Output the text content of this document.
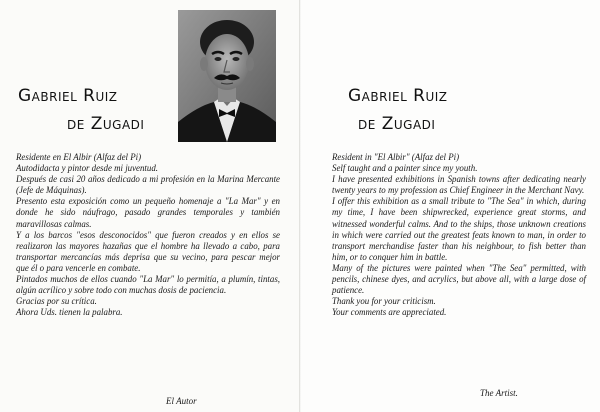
Gabriel Ruiz
de Zugadi
Residente en El Albir (Alfaz del Pi)
Autodidacta y pintor desde mi juventud.
Después de casi 20 años dedicado a mi profesión en la Marina Mercante (Jefe de Máquinas).
Presento esta exposición como un pequeño homenaje a "La Mar" y en donde he sido náufrago, pasado grandes temporales y también maravillosas calmas.
Y a los barcos "esos desconocidos" que fueron creados y en ellos se realizaron las mayores hazañas que el hombre ha llevado a cabo, para transportar mercancías más deprisa que su vecino, para pescar mejor que él o para vencerle en combate.
Pintados muchos de ellos cuando "La Mar" lo permitía, a plumín, tintas, algún acrílico y sobre todo con muchas dosis de paciencia.
Gracias por su crítica.
Ahora Uds. tienen la palabra.
El Autor
Gabriel Ruiz
de Zugadi
Resident in "El Albir" (Alfaz del Pi)
Self taught and a painter since my youth.
I have presented exhibitions in Spanish towns after dedicating nearly twenty years to my profession as Chief Engineer in the Merchant Navy.
I offer this exhibition as a small tribute to "The Sea" in which, during my time, I have been shipwrecked, experience great storms, and witnessed wonderful calms. And to the ships, those unknown creations in which were carried out the greatest feats known to man, in order to transport merchandise faster than his neighbour, to fish better than him, or to conquer him in battle.
Many of the pictures were painted when "The Sea" permitted, with pencils, chinese dyes, and acrylics, but above all, with a large dose of patience.
Thank you for your criticism.
Your comments are appreciated.
The Artist.
